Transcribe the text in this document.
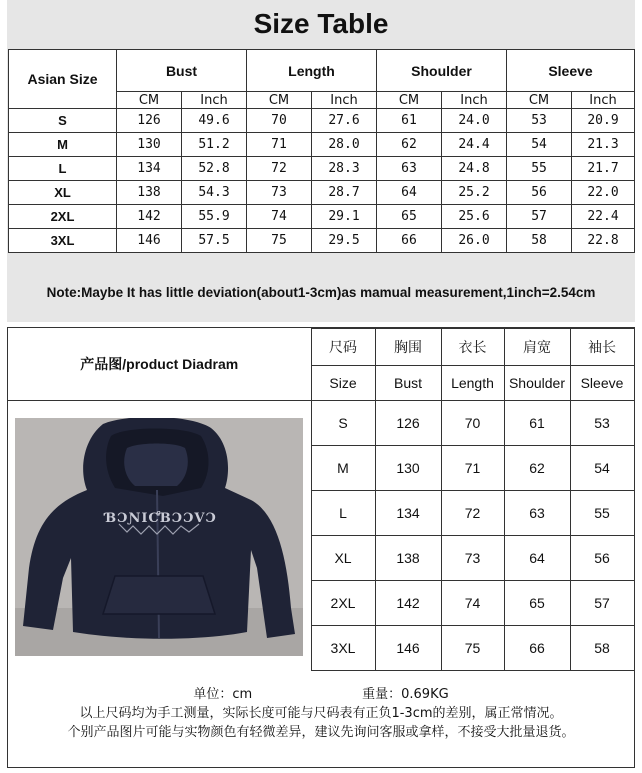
Size Table
Note:Maybe It has little deviation(about1-3cm)as mamual measurement,1inch=2.54cm
Asian Size	Bust		Length		Shoulder		Sleeve	
	CM	Inch	CM	Inch	CM	Inch	CM	Inch
S	126	49.6	70	27.6	61	24.0	53	20.9
M	130	51.2	71	28.0	62	24.4	54	21.3
L	134	52.8	72	28.3	63	24.8	55	21.7
XL	138	54.3	73	28.7	64	25.2	56	22.0
2XL	142	55.9	74	29.1	65	25.6	57	22.4
3XL	146	57.5	75	29.5	66	26.0	58	22.8
产品图/product Diadram	尺码	胸围	衣长	肩宽	袖长
	Size	Bust	Length	Shoulder	Sleeve
	S	126	70	61	53
	M	130	71	62	54
	L	134	72	63	55
	XL	138	73	64	56
	2XL	142	74	65	57
	3XL	146	75	66	58
ƁƆƝIƇƁƆƆVƆ
单位：cm	重量：0.69KG
以上尺码均为手工测量，实际长度可能与尺码表有正负1-3cm的差别，属正常情况。
个别产品图片可能与实物颜色有轻微差异，建议先询问客服或拿样，不接受大批量退货。
